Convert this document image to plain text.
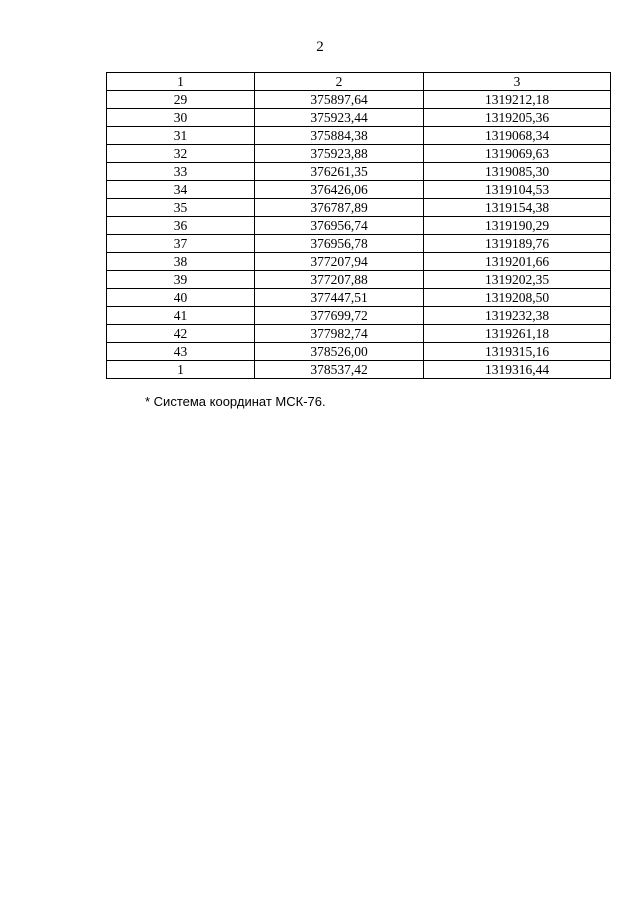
2
1	2	3
29	375897,64	1319212,18
30	375923,44	1319205,36
31	375884,38	1319068,34
32	375923,88	1319069,63
33	376261,35	1319085,30
34	376426,06	1319104,53
35	376787,89	1319154,38
36	376956,74	1319190,29
37	376956,78	1319189,76
38	377207,94	1319201,66
39	377207,88	1319202,35
40	377447,51	1319208,50
41	377699,72	1319232,38
42	377982,74	1319261,18
43	378526,00	1319315,16
1	378537,42	1319316,44
* Система координат МСК-76.
